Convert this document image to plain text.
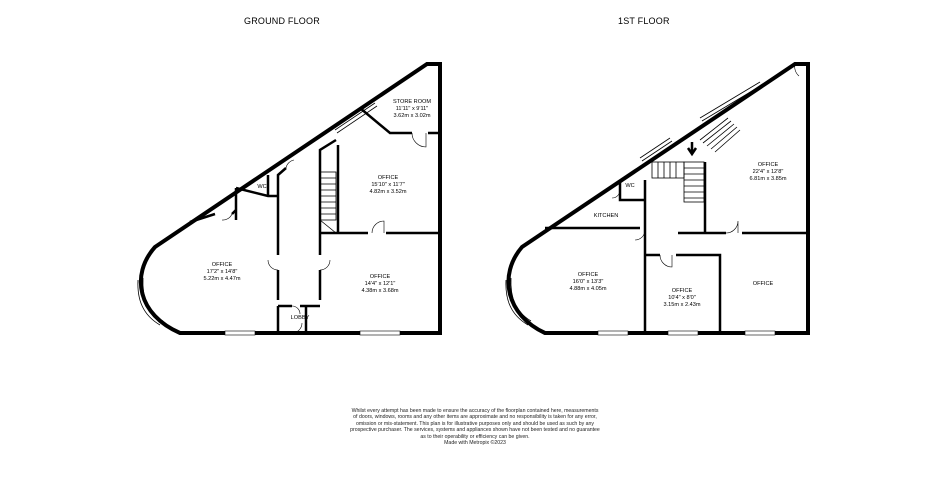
GROUND FLOOR	1ST FLOOR
STORE ROOM
11'11" x 9'11"
3.62m x 3.02m
OFFICE
15'10" x 11'7"
4.82m x 3.52m
WC
OFFICE
17'2" x 14'8"
5.22m x 4.47m	OFFICE
14'4" x 12'1"
4.38m x 3.68m
LOBBY
OFFICE
22'4" x 12'8"
6.81m x 3.85m
WC
KITCHEN
OFFICE
16'0" x 13'3"
4.88m x 4.05m	OFFICE
10'4" x 8'0"
3.15m x 2.43m
OFFICE
Whilst every attempt has been made to ensure the accuracy of the floorplan contained here, measurements
of doors, windows, rooms and any other items are approximate and no responsibility is taken for any error,
omission or mis-statement. This plan is for illustrative purposes only and should be used as such by any
prospective purchaser. The services, systems and appliances shown have not been tested and no guarantee
as to their operability or efficiency can be given.
Made with Metropix ©2023
